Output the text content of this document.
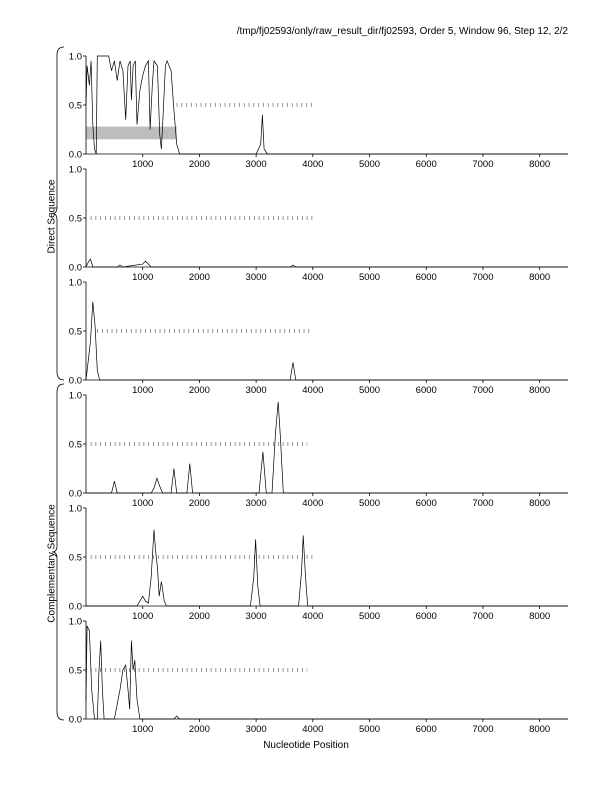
/tmp/fj02593/only/raw_result_dir/fj02593, Order 5, Window 96, Step 12, 2/2
Direct Sequence
Complementary Sequence
0.0
0.5
1.0
1000	2000	3000	4000	5000	6000	7000	8000
0.0
0.5
1.0
1000	2000	3000	4000	5000	6000	7000	8000
0.0
0.5
1.0
1000	2000	3000	4000	5000	6000	7000	8000
0.0
0.5
1.0
1000	2000	3000	4000	5000	6000	7000	8000
0.0
0.5
1.0
1000	2000	3000	4000	5000	6000	7000	8000
0.0
0.5
1.0
1000	2000	3000	4000	5000	6000	7000	8000
Nucleotide Position
